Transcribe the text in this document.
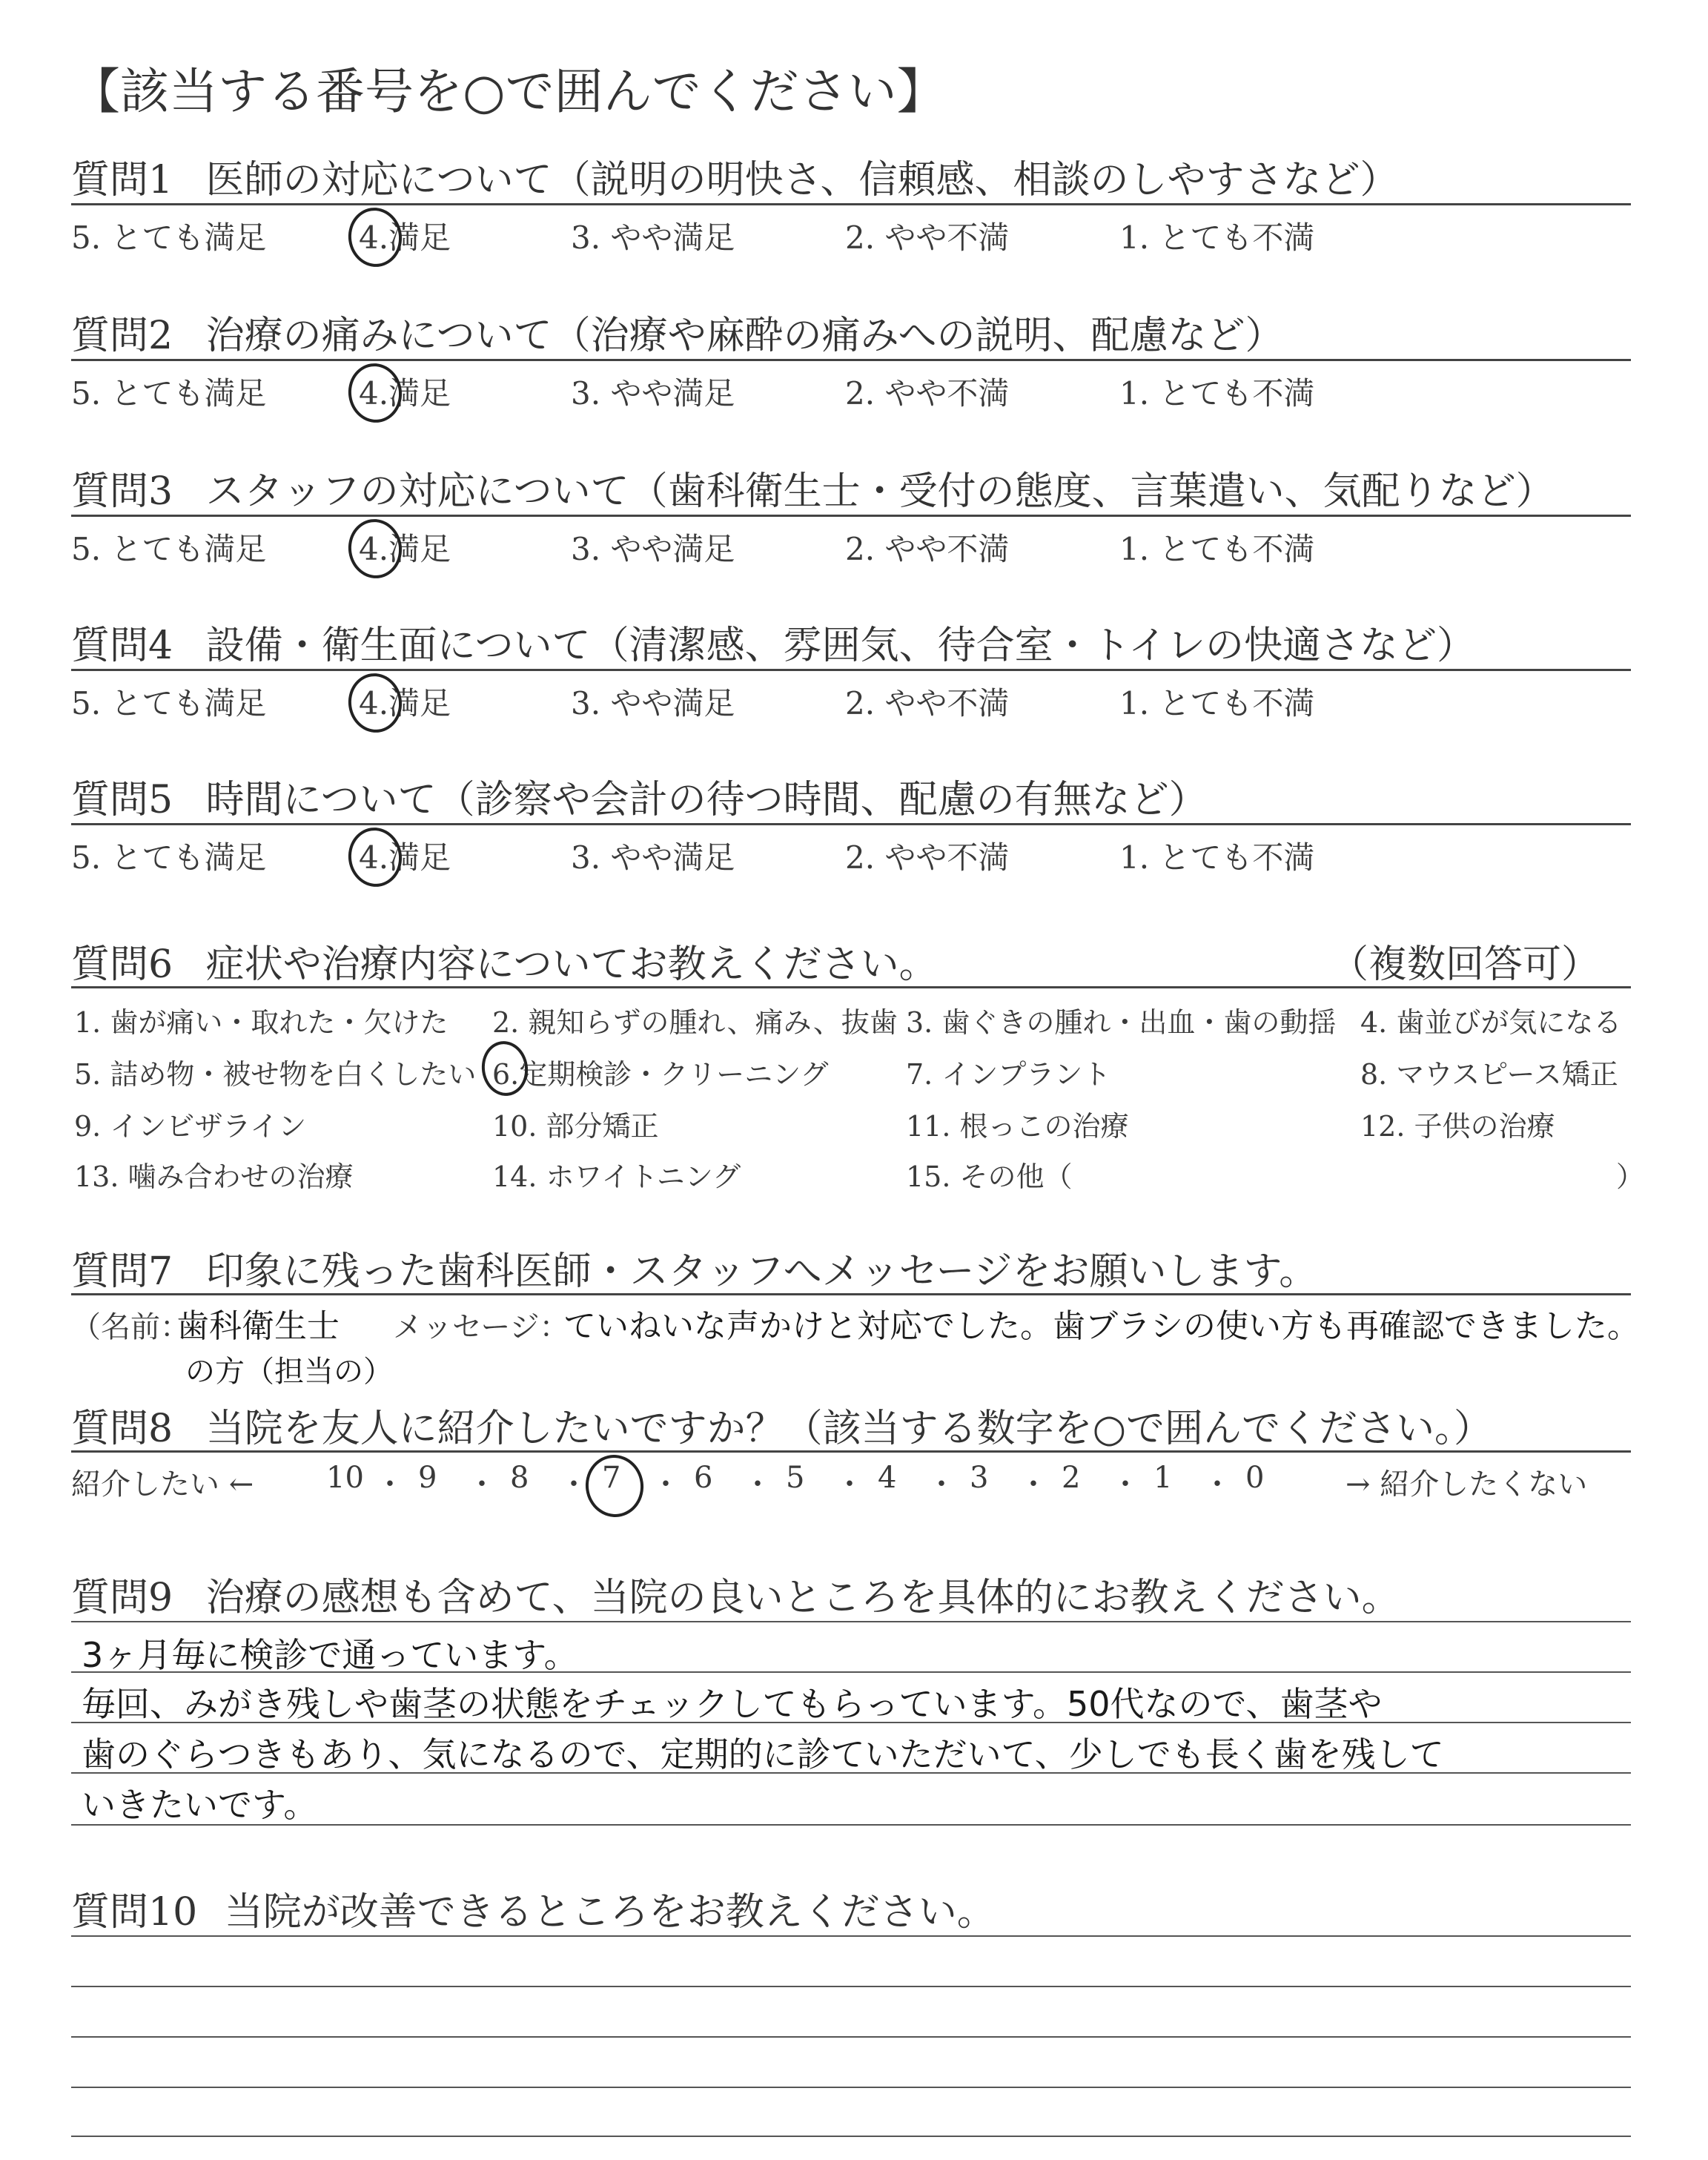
【該当する番号を○で囲んでください】
質問1 医師の対応について（説明の明快さ、信頼感、相談のしやすさなど）
5. とても満足	4.満足	3. やや満足	2. やや不満	1. とても不満
質問2 治療の痛みについて（治療や麻酔の痛みへの説明、配慮など）
5. とても満足	4.満足	3. やや満足	2. やや不満	1. とても不満
質問3 スタッフの対応について（歯科衛生士・受付の態度、言葉遣い、気配りなど）
5. とても満足	4.満足	3. やや満足	2. やや不満	1. とても不満
質問4 設備・衛生面について（清潔感、雰囲気、待合室・トイレの快適さなど）
5. とても満足	4.満足	3. やや満足	2. やや不満	1. とても不満
質問5 時間について（診察や会計の待つ時間、配慮の有無など）
5. とても満足	4.満足	3. やや満足	2. やや不満	1. とても不満
質問6 症状や治療内容についてお教えください。	（複数回答可）
1. 歯が痛い・取れた・欠けた 2. 親知らずの腫れ、痛み、抜歯 3. 歯ぐきの腫れ・出血・歯の動揺 4. 歯並びが気になる
5. 詰め物・被せ物を白くしたい 6.定期検診・クリーニング	7. インプラント	8. マウスピース矯正
9. インビザライン	10. 部分矯正	11. 根っこの治療	12. 子供の治療
13. 噛み合わせの治療	14. ホワイトニング	15. その他（	）
質問7 印象に残った歯科医師・スタッフへメッセージをお願いします。
（名前：
歯科衛生士
の方（担当の）
メッセージ：
ていねいな声かけと対応でした。歯ブラシの使い方も再確認できました。
質問8 当院を友人に紹介したいですか？（該当する数字を○で囲んでください。）
紹介したい ←	→ 紹介したくない
10 ・ 9 ・ 8 ・ 7 ・ 6 ・ 5 ・ 4 ・ 3 ・ 2 ・ 1 ・ 0
質問9 治療の感想も含めて、当院の良いところを具体的にお教えください。
3ヶ月毎に検診で通っています。
毎回、みがき残しや歯茎の状態をチェックしてもらっています。50代なので、歯茎や
歯のぐらつきもあり、気になるので、定期的に診ていただいて、少しでも長く歯を残して
いきたいです。
質問10 当院が改善できるところをお教えください。
